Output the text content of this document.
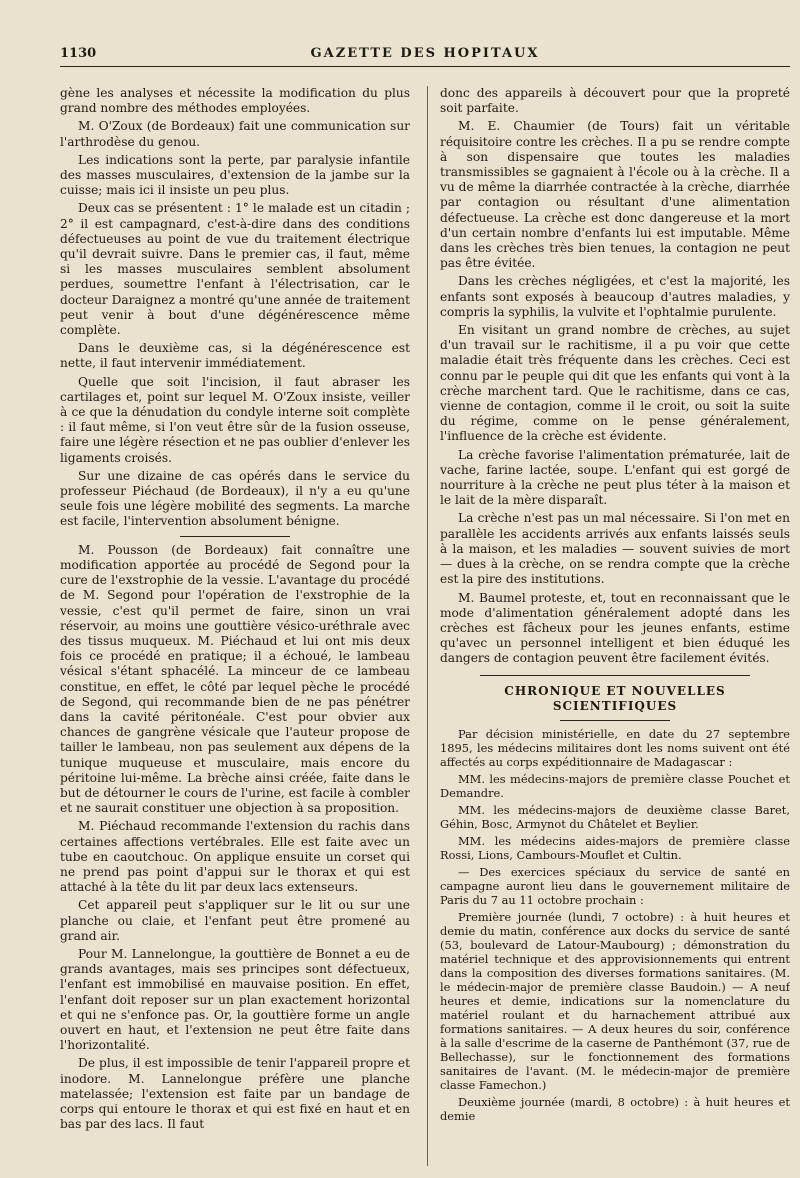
1130	GAZETTE DES HOPITAUX

gène les analyses et nécessite la modification du plus grand nombre des méthodes employées.

M. O'Zoux (de Bordeaux) fait une communication sur l'arthrodèse du genou.

Les indications sont la perte, par paralysie infantile des masses musculaires, d'extension de la jambe sur la cuisse; mais ici il insiste un peu plus.

Deux cas se présentent : 1° le malade est un citadin ; 2° il est campagnard, c'est-à-dire dans des conditions défectueuses au point de vue du traitement électrique qu'il devrait suivre. Dans le premier cas, il faut, même si les masses musculaires semblent absolument perdues, soumettre l'enfant à l'électrisation, car le docteur Daraignez a montré qu'une année de traitement peut venir à bout d'une dégénérescence même complète.

Dans le deuxième cas, si la dégénérescence est nette, il faut intervenir immédiatement.

Quelle que soit l'incision, il faut abraser les cartilages et, point sur lequel M. O'Zoux insiste, veiller à ce que la dénudation du condyle interne soit complète : il faut même, si l'on veut être sûr de la fusion osseuse, faire une légère résection et ne pas oublier d'enlever les ligaments croisés.

Sur une dizaine de cas opérés dans le service du professeur Piéchaud (de Bordeaux), il n'y a eu qu'une seule fois une légère mobilité des segments. La marche est facile, l'intervention absolument bénigne.

M. Pousson (de Bordeaux) fait connaître une modification apportée au procédé de Segond pour la cure de l'exstrophie de la vessie. L'avantage du procédé de M. Segond pour l'opération de l'exstrophie de la vessie, c'est qu'il permet de faire, sinon un vrai réservoir, au moins une gouttière vésico-uréthrale avec des tissus muqueux. M. Piéchaud et lui ont mis deux fois ce procédé en pratique; il a échoué, le lambeau vésical s'étant sphacélé. La minceur de ce lambeau constitue, en effet, le côté par lequel pèche le procédé de Segond, qui recommande bien de ne pas pénétrer dans la cavité péritonéale. C'est pour obvier aux chances de gangrène vésicale que l'auteur propose de tailler le lambeau, non pas seulement aux dépens de la tunique muqueuse et musculaire, mais encore du péritoine lui-même. La brèche ainsi créée, faite dans le but de détourner le cours de l'urine, est facile à combler et ne saurait constituer une objection à sa proposition.

M. Piéchaud recommande l'extension du rachis dans certaines affections vertébrales. Elle est faite avec un tube en caoutchouc. On applique ensuite un corset qui ne prend pas point d'appui sur le thorax et qui est attaché à la tête du lit par deux lacs extenseurs.

Cet appareil peut s'appliquer sur le lit ou sur une planche ou claie, et l'enfant peut être promené au grand air.

Pour M. Lannelongue, la gouttière de Bonnet a eu de grands avantages, mais ses principes sont défectueux, l'enfant est immobilisé en mauvaise position. En effet, l'enfant doit reposer sur un plan exactement horizontal et qui ne s'enfonce pas. Or, la gouttière forme un angle ouvert en haut, et l'extension ne peut être faite dans l'horizontalité.

De plus, il est impossible de tenir l'appareil propre et inodore. M. Lannelongue préfère une planche matelassée; l'extension est faite par un bandage de corps qui entoure le thorax et qui est fixé en haut et en bas par des lacs. Il faut

donc des appareils à découvert pour que la propreté soit parfaite.

M. E. Chaumier (de Tours) fait un véritable réquisitoire contre les crèches. Il a pu se rendre compte à son dispensaire que toutes les maladies transmissibles se gagnaient à l'école ou à la crèche. Il a vu de même la diarrhée contractée à la crèche, diarrhée par contagion ou résultant d'une alimentation défectueuse. La crèche est donc dangereuse et la mort d'un certain nombre d'enfants lui est imputable. Même dans les crèches très bien tenues, la contagion ne peut pas être évitée.

Dans les crèches négligées, et c'est la majorité, les enfants sont exposés à beaucoup d'autres maladies, y compris la syphilis, la vulvite et l'ophtalmie purulente.

En visitant un grand nombre de crèches, au sujet d'un travail sur le rachitisme, il a pu voir que cette maladie était très fréquente dans les crèches. Ceci est connu par le peuple qui dit que les enfants qui vont à la crèche marchent tard. Que le rachitisme, dans ce cas, vienne de contagion, comme il le croit, ou soit la suite du régime, comme on le pense généralement, l'influence de la crèche est évidente.

La crèche favorise l'alimentation prématurée, lait de vache, farine lactée, soupe. L'enfant qui est gorgé de nourriture à la crèche ne peut plus téter à la maison et le lait de la mère disparaît.

La crèche n'est pas un mal nécessaire. Si l'on met en parallèle les accidents arrivés aux enfants laissés seuls à la maison, et les maladies — souvent suivies de mort — dues à la crèche, on se rendra compte que la crèche est la pire des institutions.

M. Baumel proteste, et, tout en reconnaissant que le mode d'alimentation généralement adopté dans les crèches est fâcheux pour les jeunes enfants, estime qu'avec un personnel intelligent et bien éduqué les dangers de contagion peuvent être facilement évités.

CHRONIQUE ET NOUVELLES SCIENTIFIQUES

Par décision ministérielle, en date du 27 septembre 1895, les médecins militaires dont les noms suivent ont été affectés au corps expéditionnaire de Madagascar :

MM. les médecins-majors de première classe Pouchet et Demandre.

MM. les médecins-majors de deuxième classe Baret, Géhin, Bosc, Armynot du Châtelet et Beylier.

MM. les médecins aides-majors de première classe Rossi, Lions, Cambours-Mouflet et Cultin.

— Des exercices spéciaux du service de santé en campagne auront lieu dans le gouvernement militaire de Paris du 7 au 11 octobre prochain :

Première journée (lundi, 7 octobre) : à huit heures et demie du matin, conférence aux docks du service de santé (53, boulevard de Latour-Maubourg) ; démonstration du matériel technique et des approvisionnements qui entrent dans la composition des diverses formations sanitaires. (M. le médecin-major de première classe Baudoin.) — A neuf heures et demie, indications sur la nomenclature du matériel roulant et du harnachement attribué aux formations sanitaires. — A deux heures du soir, conférence à la salle d'escrime de la caserne de Panthémont (37, rue de Bellechasse), sur le fonctionnement des formations sanitaires de l'avant. (M. le médecin-major de première classe Famechon.)

Deuxième journée (mardi, 8 octobre) : à huit heures et demie
